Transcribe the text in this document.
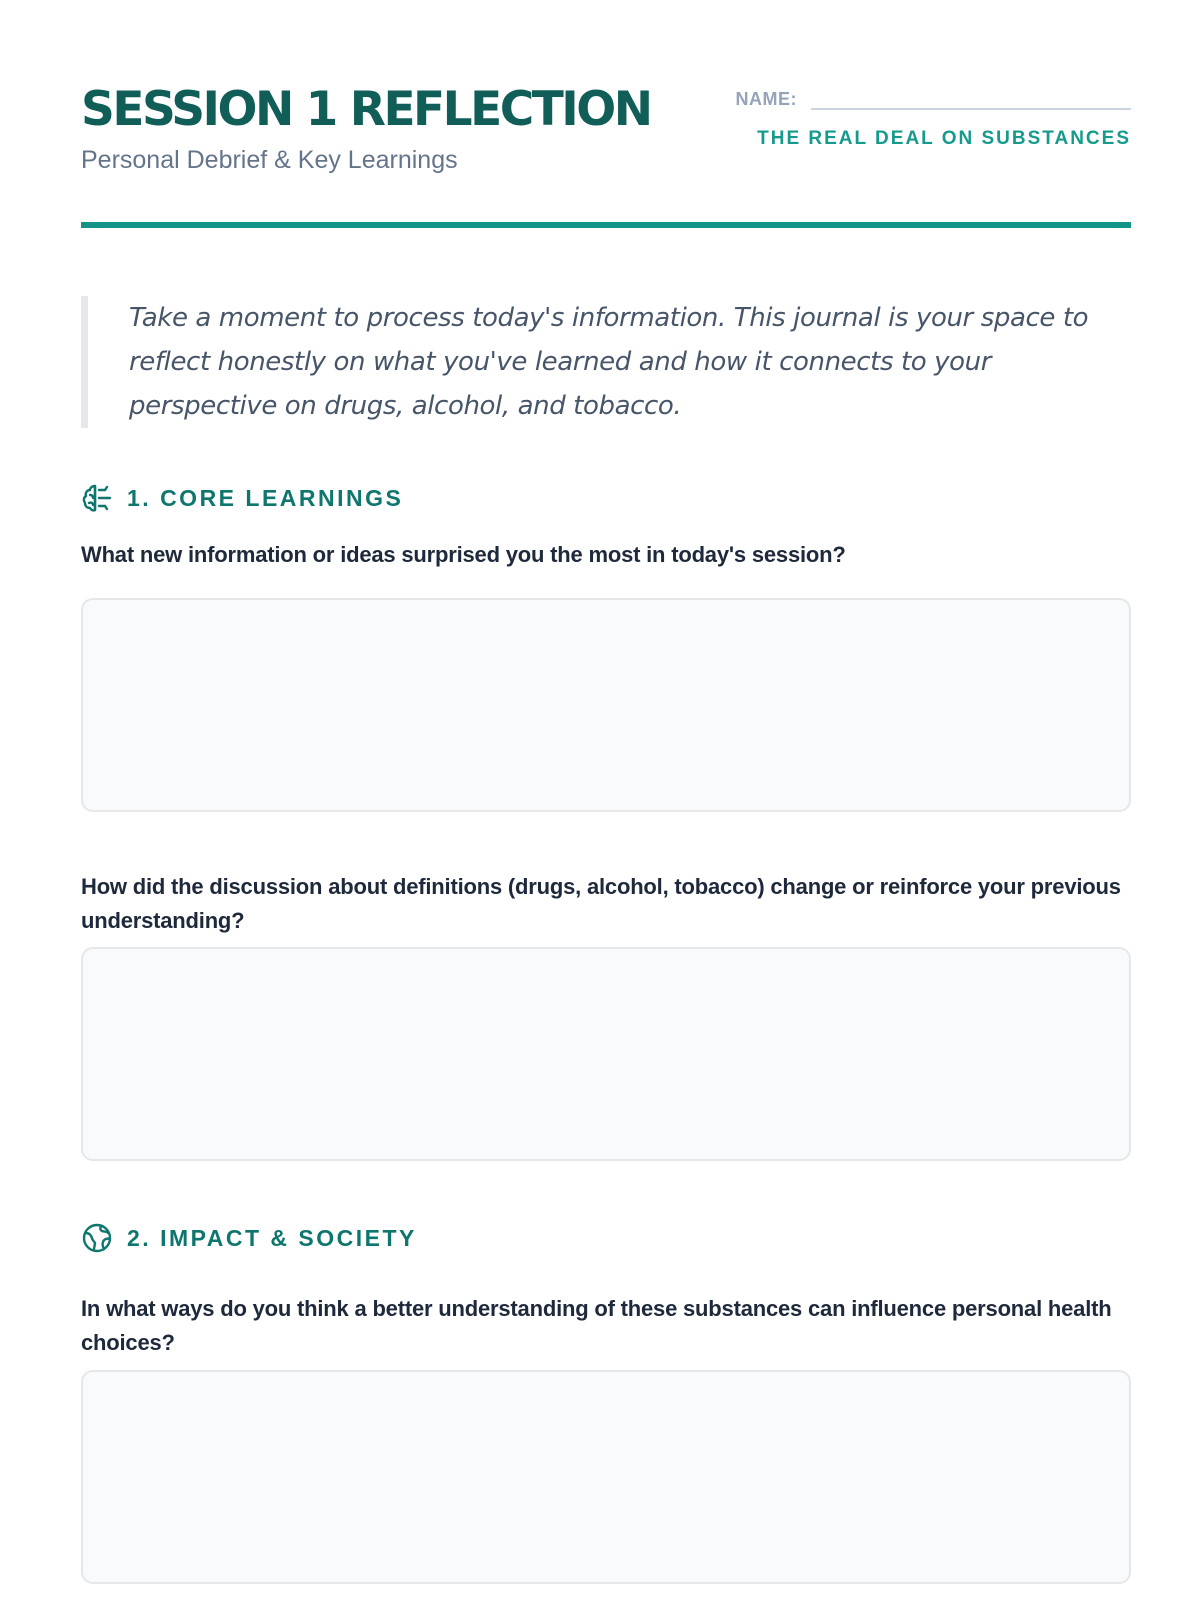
SESSION 1 REFLECTION
Personal Debrief & Key Learnings
NAME:
THE REAL DEAL ON SUBSTANCES

Take a moment to process today's information. This journal is your space to reflect honestly on what you've learned and how it connects to your perspective on drugs, alcohol, and tobacco.

1. CORE LEARNINGS
What new information or ideas surprised you the most in today's session?
How did the discussion about definitions (drugs, alcohol, tobacco) change or reinforce your previous understanding?
2. IMPACT & SOCIETY
In what ways do you think a better understanding of these substances can influence personal health choices?
